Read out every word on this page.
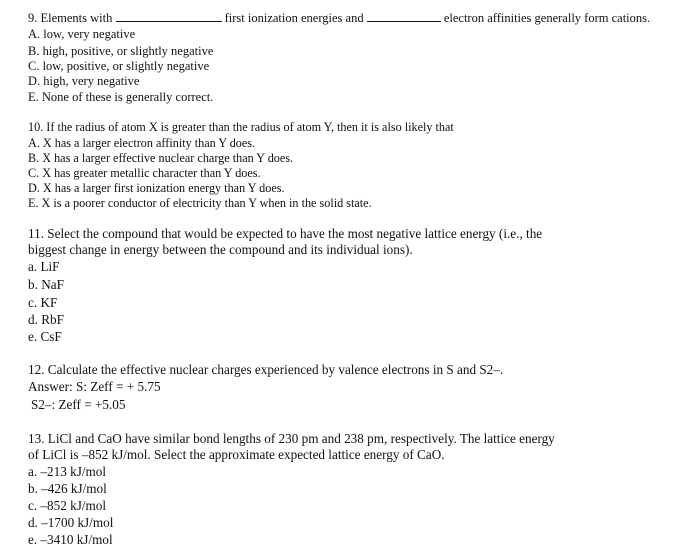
9. Elements with	first ionization energies and	electron affinities generally form cations.
A. low, very negative
B. high, positive, or slightly negative
C. low, positive, or slightly negative
D. high, very negative
E. None of these is generally correct.
10. If the radius of atom X is greater than the radius of atom Y, then it is also likely that
A. X has a larger electron affinity than Y does.
B. X has a larger effective nuclear charge than Y does.
C. X has greater metallic character than Y does.
D. X has a larger first ionization energy than Y does.
E. X is a poorer conductor of electricity than Y when in the solid state.
11. Select the compound that would be expected to have the most negative lattice energy (i.e., the
biggest change in energy between the compound and its individual ions).
a. LiF
b. NaF
c. KF
d. RbF
e. CsF
12. Calculate the effective nuclear charges experienced by valence electrons in S and S2–.
Answer: S: Zeff = + 5.75
S2–: Zeff = +5.05
13. LiCl and CaO have similar bond lengths of 230 pm and 238 pm, respectively. The lattice energy
of LiCl is –852 kJ/mol. Select the approximate expected lattice energy of CaO.
a. –213 kJ/mol
b. –426 kJ/mol
c. –852 kJ/mol
d. –1700 kJ/mol
e. –3410 kJ/mol
